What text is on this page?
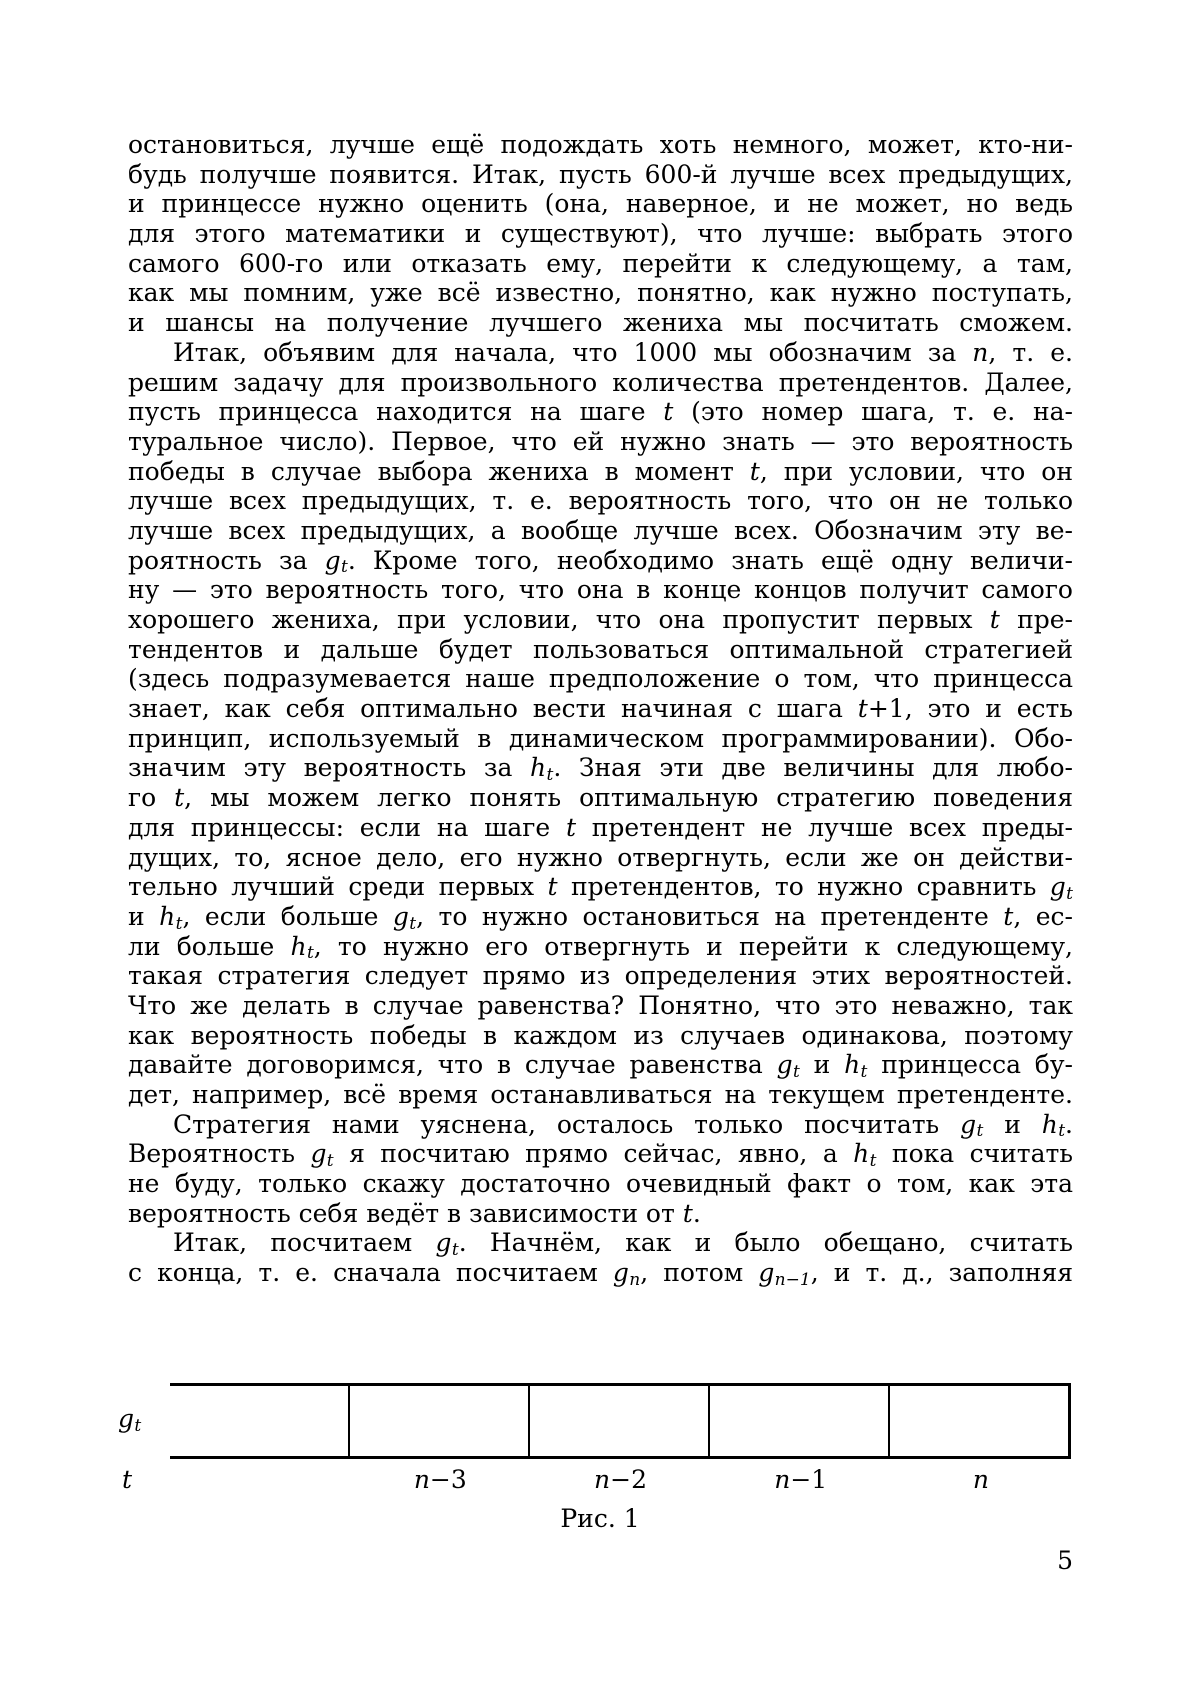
остановиться, лучше ещё подождать хоть немного, может, кто-ни-
будь получше появится. Итак, пусть 600-й лучше всех предыдущих,
и принцессе нужно оценить (она, наверное, и не может, но ведь
для этого математики и существуют), что лучше: выбрать этого
самого 600-го или отказать ему, перейти к следующему, а там,
как мы помним, уже всё известно, понятно, как нужно поступать,
и шансы на получение лучшего жениха мы посчитать сможем.
Итак, объявим для начала, что 1000 мы обозначим за n, т. е.
решим задачу для произвольного количества претендентов. Далее,
пусть принцесса находится на шаге t (это номер шага, т. е. на-
туральное число). Первое, что ей нужно знать — это вероятность
победы в случае выбора жениха в момент t, при условии, что он
лучше всех предыдущих, т. е. вероятность того, что он не только
лучше всех предыдущих, а вообще лучше всех. Обозначим эту ве-
роятность за gt. Кроме того, необходимо знать ещё одну величи-
ну — это вероятность того, что она в конце концов получит самого
хорошего жениха, при условии, что она пропустит первых t пре-
тендентов и дальше будет пользоваться оптимальной стратегией
(здесь подразумевается наше предположение о том, что принцесса
знает, как себя оптимально вести начиная с шага t+1, это и есть
принцип, используемый в динамическом программировании). Обо-
значим эту вероятность за ht. Зная эти две величины для любо-
го t, мы можем легко понять оптимальную стратегию поведения
для принцессы: если на шаге t претендент не лучше всех преды-
дущих, то, ясное дело, его нужно отвергнуть, если же он действи-
тельно лучший среди первых t претендентов, то нужно сравнить gt
и ht, если больше gt, то нужно остановиться на претенденте t, ес-
ли больше ht, то нужно его отвергнуть и перейти к следующему,
такая стратегия следует прямо из определения этих вероятностей.
Что же делать в случае равенства? Понятно, что это неважно, так
как вероятность победы в каждом из случаев одинакова, поэтому
давайте договоримся, что в случае равенства gt и ht принцесса бу-
дет, например, всё время останавливаться на текущем претенденте.
Стратегия нами уяснена, осталось только посчитать gt и ht.
Вероятность gt я посчитаю прямо сейчас, явно, а ht пока считать
не буду, только скажу достаточно очевидный факт о том, как эта
вероятность себя ведёт в зависимости от t.
Итак, посчитаем gt. Начнём, как и было обещано, считать
с конца, т. е. сначала посчитаем gn, потом gn−1, и т. д., заполняя
gt
t
Рис. 1
n−3	n−2	n−1	n
5
